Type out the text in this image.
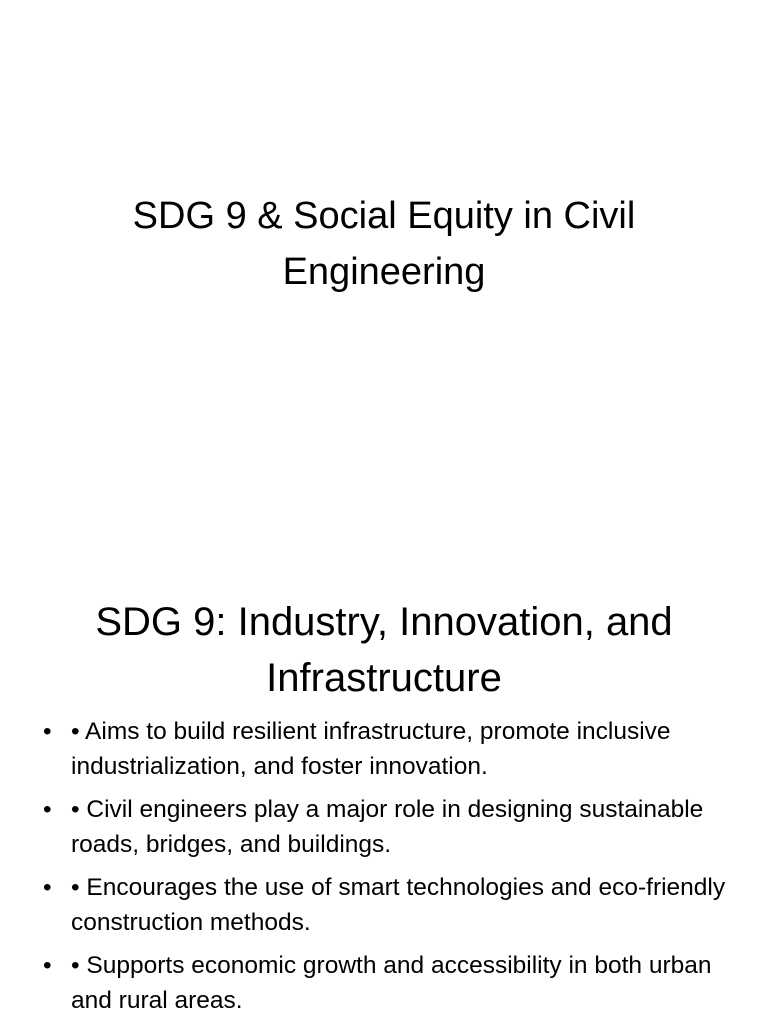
SDG 9 & Social Equity in Civil Engineering
SDG 9: Industry, Innovation, and Infrastructure
• • Aims to build resilient infrastructure, promote inclusive industrialization, and foster innovation.
• • Civil engineers play a major role in designing sustainable roads, bridges, and buildings.
• • Encourages the use of smart technologies and eco-friendly construction methods.
• • Supports economic growth and accessibility in both urban and rural areas.
